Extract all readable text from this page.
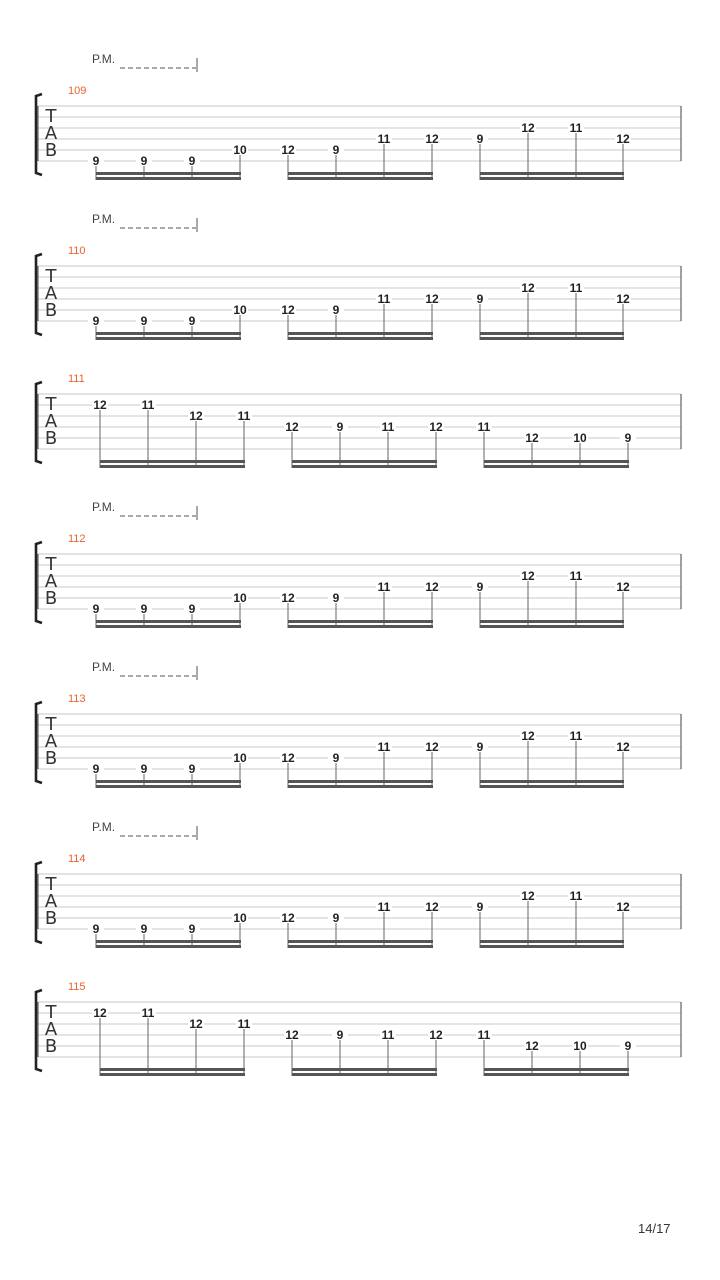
P.M.
109
T
A
B	9	9	9
10	12	9
11	12	9
12	11
12
P.M.
110
T
A
B	9	9	9
10	12	9
11	12	9
12	11
12
111
T
A
B
12	11
12	11
12	9	11	12	11
12	10	9
P.M.
112
T
A
B	9	9	9
10	12	9
11	12	9
12	11
12
P.M.
113
T
A
B	9	9	9
10	12	9
11	12	9
12	11
12
P.M.
114
T
A
B	9	9	9
10	12	9
11	12	9
12	11
12
115
T
A
B
12	11
12	11
12	9	11	12	11
12	10	9
14/17
